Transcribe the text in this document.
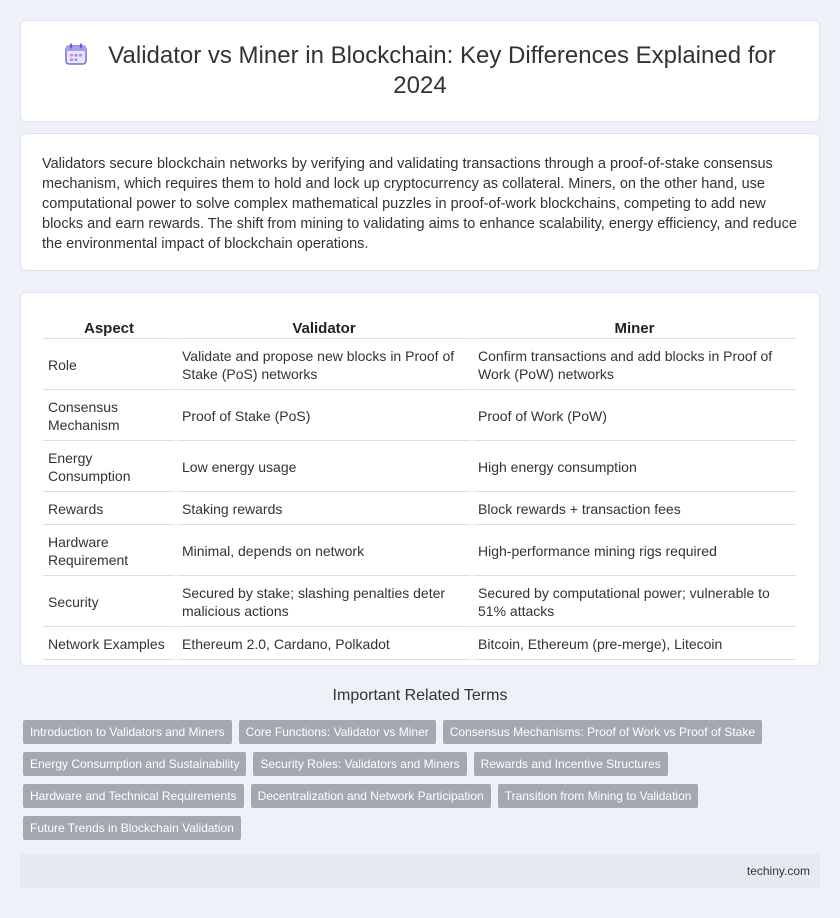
Validator vs Miner in Blockchain: Key Differences Explained for 2024

Validators secure blockchain networks by verifying and validating transactions through a proof-of-stake consensus mechanism, which requires them to hold and lock up cryptocurrency as collateral. Miners, on the other hand, use computational power to solve complex mathematical puzzles in proof-of-work blockchains, competing to add new blocks and earn rewards. The shift from mining to validating aims to enhance scalability, energy efficiency, and reduce the environmental impact of blockchain operations.

Aspect	Validator	Miner
Role	Validate and propose new blocks in Proof of Stake (PoS) networks	Confirm transactions and add blocks in Proof of Work (PoW) networks
Consensus Mechanism	Proof of Stake (PoS)	Proof of Work (PoW)
Energy Consumption	Low energy usage	High energy consumption
Rewards	Staking rewards	Block rewards + transaction fees
Hardware Requirement	Minimal, depends on network	High-performance mining rigs required
Security	Secured by stake; slashing penalties deter malicious actions	Secured by computational power; vulnerable to 51% attacks
Network Examples	Ethereum 2.0, Cardano, Polkadot	Bitcoin, Ethereum (pre-merge), Litecoin
Important Related Terms
Introduction to Validators and Miners	Core Functions: Validator vs Miner	Consensus Mechanisms: Proof of Work vs Proof of Stake
Energy Consumption and Sustainability	Security Roles: Validators and Miners	Rewards and Incentive Structures
Hardware and Technical Requirements	Decentralization and Network Participation	Transition from Mining to Validation
Future Trends in Blockchain Validation
techiny.com
